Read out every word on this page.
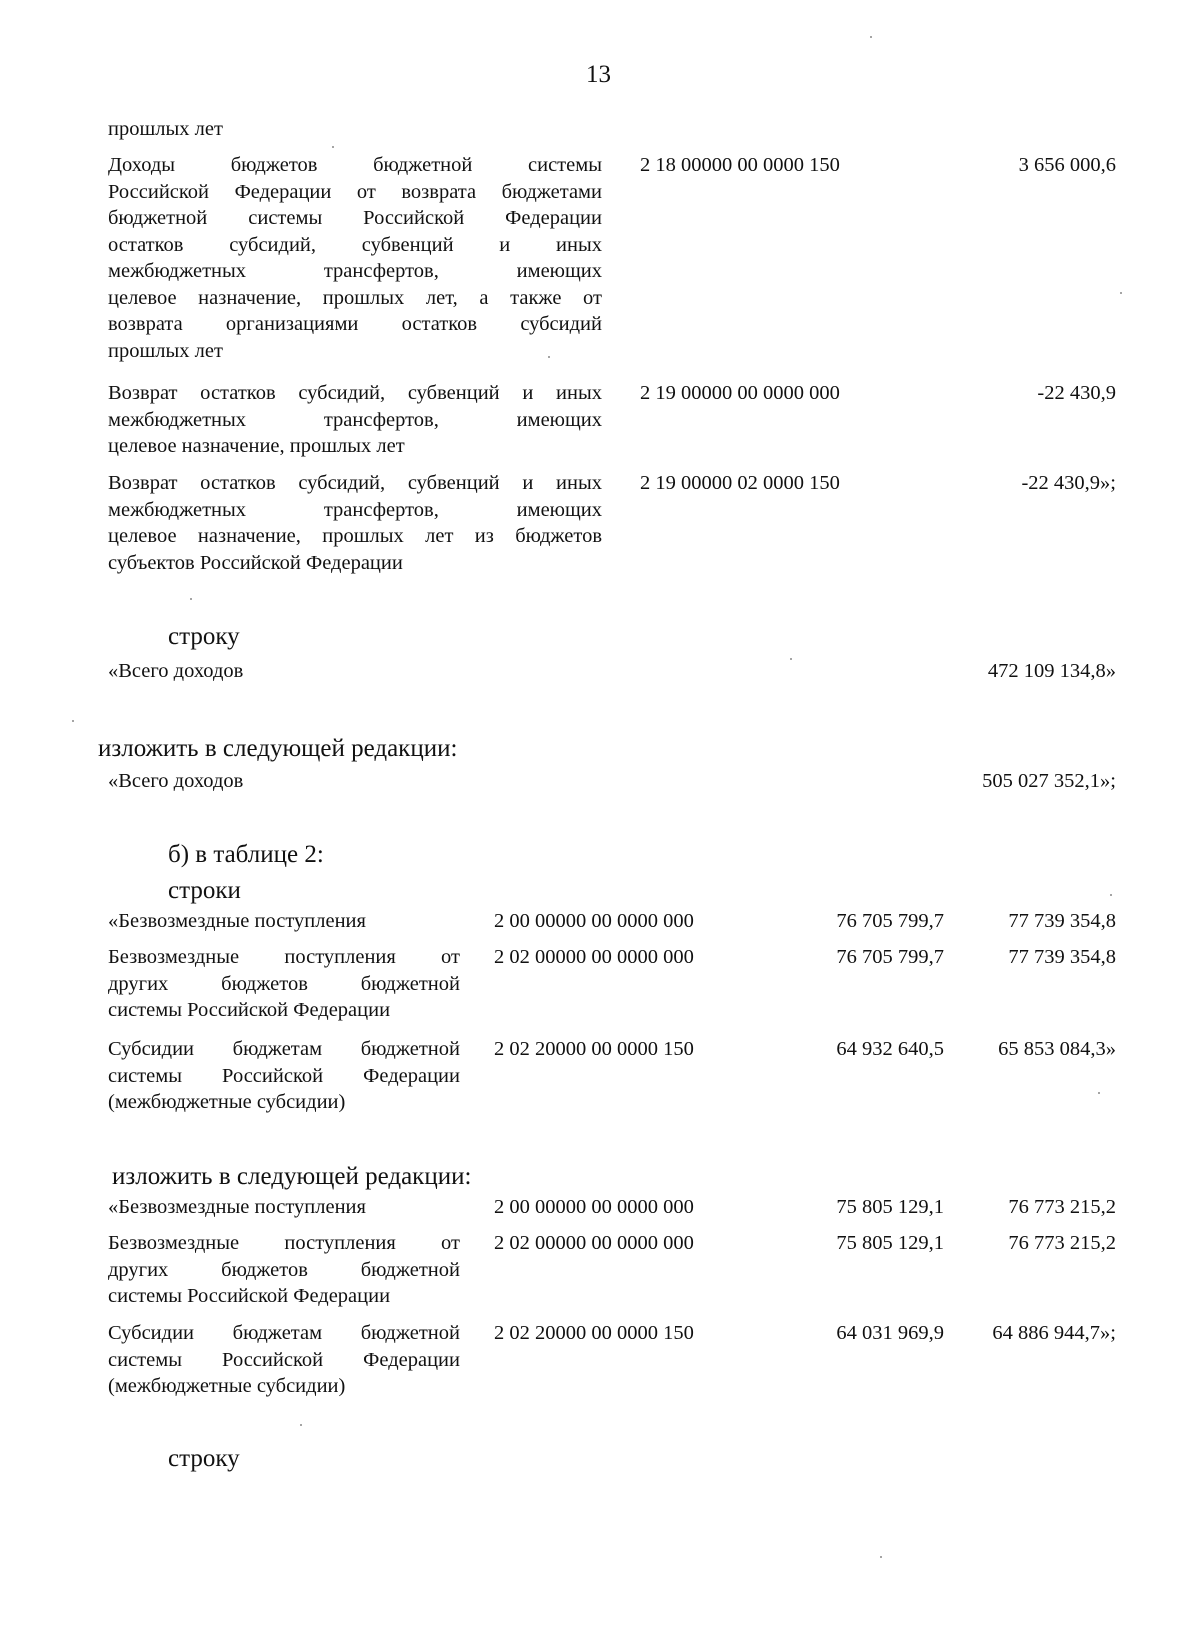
13
прошлых лет
Доходы бюджетов бюджетной системы
Российской Федерации от возврата бюджетами
бюджетной системы Российской Федерации
остатков субсидий, субвенций и иных
межбюджетных трансфертов, имеющих
целевое назначение, прошлых лет, а также от
возврата организациями остатков субсидий
прошлых лет
2 18 00000 00 0000 150	3 656 000,6
Возврат остатков субсидий, субвенций и иных
межбюджетных трансфертов, имеющих
целевое назначение, прошлых лет
2 19 00000 00 0000 000	-22 430,9
Возврат остатков субсидий, субвенций и иных
межбюджетных трансфертов, имеющих
целевое назначение, прошлых лет из бюджетов
субъектов Российской Федерации
2 19 00000 02 0000 150	-22 430,9»;
строку
«Всего доходов	472 109 134,8»
изложить в следующей редакции:
«Всего доходов	505 027 352,1»;
б) в таблице 2:
строки
«Безвозмездные поступления	2 00 00000 00 0000 000	76 705 799,7	77 739 354,8
Безвозмездные поступления от
других бюджетов бюджетной
системы Российской Федерации
2 02 00000 00 0000 000	76 705 799,7	77 739 354,8
Субсидии бюджетам бюджетной
системы Российской Федерации
(межбюджетные субсидии)
2 02 20000 00 0000 150	64 932 640,5	65 853 084,3»
изложить в следующей редакции:
«Безвозмездные поступления	2 00 00000 00 0000 000	75 805 129,1	76 773 215,2
Безвозмездные поступления от
других бюджетов бюджетной
системы Российской Федерации
2 02 00000 00 0000 000	75 805 129,1	76 773 215,2
Субсидии бюджетам бюджетной
системы Российской Федерации
(межбюджетные субсидии)
2 02 20000 00 0000 150	64 031 969,9	64 886 944,7»;
строку
